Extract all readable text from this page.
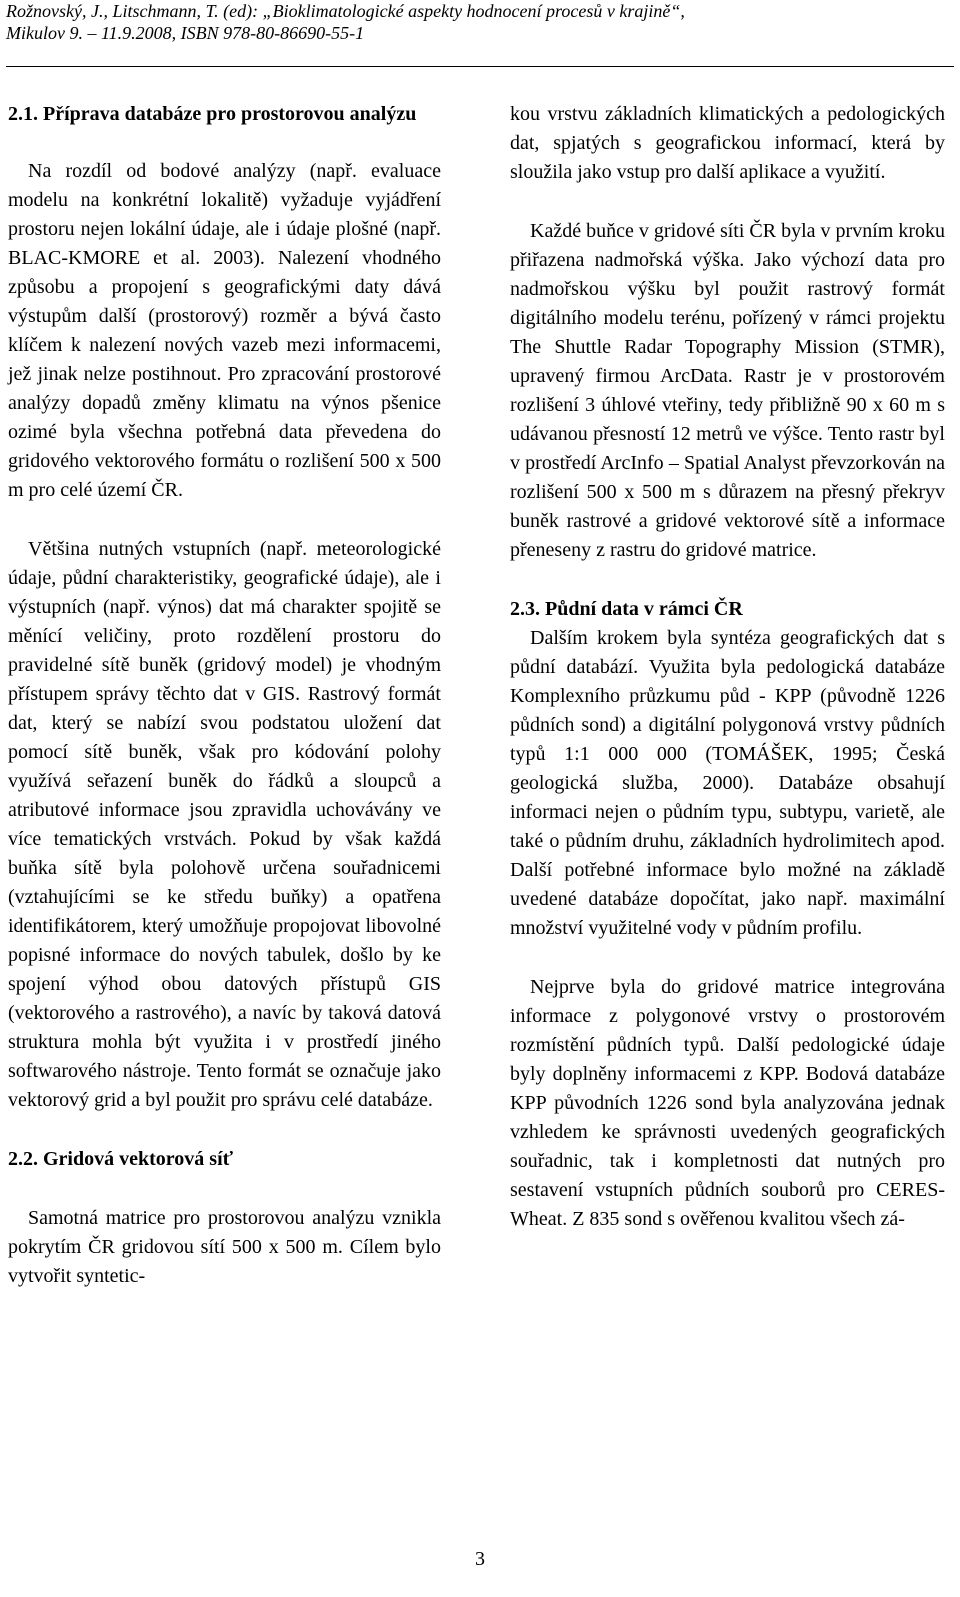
Rožnovský, J., Litschmann, T. (ed): „Bioklimatologické aspekty hodnocení procesů v krajině“,
Mikulov 9. – 11.9.2008, ISBN 978-80-86690-55-1
2.1. Příprava databáze pro prostorovou analýzu

Na rozdíl od bodové analýzy (např. evaluace modelu na konkrétní lokalitě) vyžaduje vyjádření prostoru nejen lokální údaje, ale i údaje plošné (např. BLAC-KMORE et al. 2003). Nalezení vhodného způsobu a propojení s geografickými daty dává výstupům další (prostorový) rozměr a bývá často klíčem k nalezení nových vazeb mezi informacemi, jež jinak nelze postihnout. Pro zpracování prostorové analýzy dopadů změny klimatu na výnos pšenice ozimé byla všechna potřebná data převedena do gridového vektorového formátu o rozlišení 500 x 500 m pro celé území ČR.

Většina nutných vstupních (např. meteorologické údaje, půdní charakteristiky, geografické údaje), ale i výstupních (např. výnos) dat má charakter spojitě se měnící veličiny, proto rozdělení prostoru do pravidelné sítě buněk (gridový model) je vhodným přístupem správy těchto dat v GIS. Rastrový formát dat, který se nabízí svou podstatou uložení dat pomocí sítě buněk, však pro kódování polohy využívá seřazení buněk do řádků a sloupců a atributové informace jsou zpravidla uchovávány ve více tematických vrstvách. Pokud by však každá buňka sítě byla polohově určena souřadnicemi (vztahujícími se ke středu buňky) a opatřena identifikátorem, který umožňuje propojovat libovolné popisné informace do nových tabulek, došlo by ke spojení výhod obou datových přístupů GIS (vektorového a rastrového), a navíc by taková datová struktura mohla být využita i v prostředí jiného softwarového nástroje. Tento formát se označuje jako vektorový grid a byl použit pro správu celé databáze.

2.2. Gridová vektorová síť

Samotná matrice pro prostorovou analýzu vznikla pokrytím ČR gridovou sítí 500 x 500 m. Cílem bylo vytvořit syntetic-

kou vrstvu základních klimatických a pedologických dat, spjatých s geografickou informací, která by sloužila jako vstup pro další aplikace a využití.

Každé buňce v gridové síti ČR byla v prvním kroku přiřazena nadmořská výška. Jako výchozí data pro nadmořskou výšku byl použit rastrový formát digitálního modelu terénu, pořízený v rámci projektu The Shuttle Radar Topography Mission (STMR), upravený firmou ArcData. Rastr je v prostorovém rozlišení 3 úhlové vteřiny, tedy přibližně 90 x 60 m s udávanou přesností 12 metrů ve výšce. Tento rastr byl v prostředí ArcInfo – Spatial Analyst převzorkován na rozlišení 500 x 500 m s důrazem na přesný překryv buněk rastrové a gridové vektorové sítě a informace přeneseny z rastru do gridové matrice.

2.3. Půdní data v rámci ČR

Dalším krokem byla syntéza geografických dat s půdní databází. Využita byla pedologická databáze Komplexního průzkumu půd - KPP (původně 1226 půdních sond) a digitální polygonová vrstvy půdních typů 1:1 000 000 (TOMÁŠEK, 1995; Česká geologická služba, 2000). Databáze obsahují informaci nejen o půdním typu, subtypu, varietě, ale také o půdním druhu, základních hydrolimitech apod. Další potřebné informace bylo možné na základě uvedené databáze dopočítat, jako např. maximální množství využitelné vody v půdním profilu.

Nejprve byla do gridové matrice integrována informace z polygonové vrstvy o prostorovém rozmístění půdních typů. Další pedologické údaje byly doplněny informacemi z KPP. Bodová databáze KPP původních 1226 sond byla analyzována jednak vzhledem ke správnosti uvedených geografických souřadnic, tak i kompletnosti dat nutných pro sestavení vstupních půdních souborů pro CERES-Wheat. Z 835 sond s ověřenou kvalitou všech zá-

3
